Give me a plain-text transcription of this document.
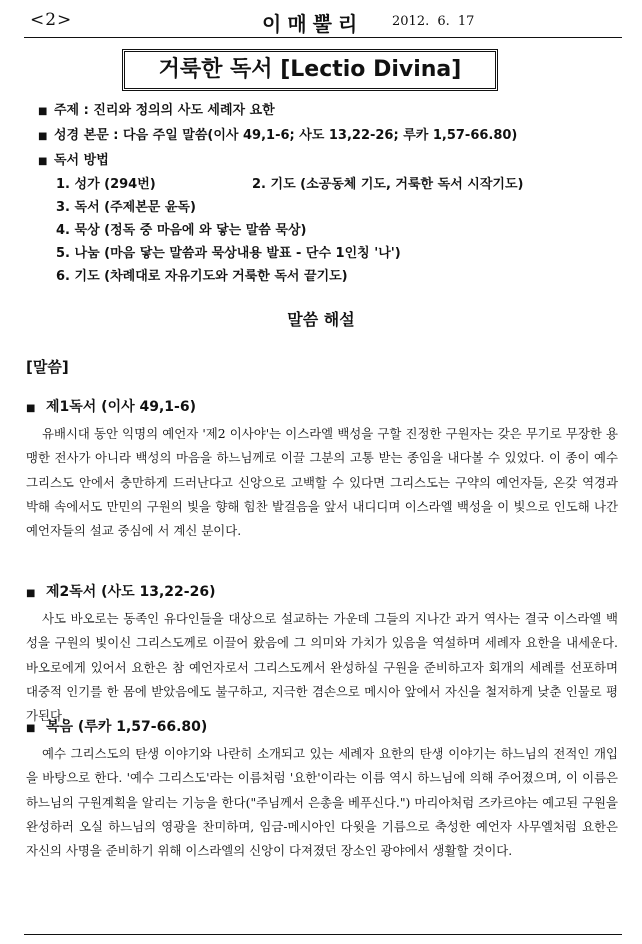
<2>	이매뿔리 2012. 6. 17
거룩한 독서 [Lectio Divina]
■ 주제 : 진리와 정의의 사도 세례자 요한
■ 성경 본문 : 다음 주일 말씀(이사 49,1-6; 사도 13,22-26; 루카 1,57-66.80)
■ 독서 방법
1. 성가 (294번)	2. 기도 (소공동체 기도, 거룩한 독서 시작기도)
3. 독서 (주제본문 윤독)
4. 묵상 (정독 중 마음에 와 닿는 말씀 묵상)
5. 나눔 (마음 닿는 말씀과 묵상내용 발표 - 단수 1인칭 '나')
6. 기도 (차례대로 자유기도와 거룩한 독서 끝기도)
말씀 해설
[말씀]
■ 제1독서 (이사 49,1-6)

유배시대 동안 익명의 예언자 '제2 이사야'는 이스라엘 백성을 구할 진정한 구원자는 갖은 무기로 무장한 용맹한 전사가 아니라 백성의 마음을 하느님께로 이끌 그분의 고통 받는 종임을 내다볼 수 있었다. 이 종이 예수 그리스도 안에서 충만하게 드러난다고 신앙으로 고백할 수 있다면 그리스도는 구약의 예언자들, 온갖 역경과 박해 속에서도 만민의 구원의 빛을 향해 힘찬 발걸음을 앞서 내디디며 이스라엘 백성을 이 빛으로 인도해 나간 예언자들의 설교 중심에 서 계신 분이다.

■ 제2독서 (사도 13,22-26)

사도 바오로는 동족인 유다인들을 대상으로 설교하는 가운데 그들의 지나간 과거 역사는 결국 이스라엘 백성을 구원의 빛이신 그리스도께로 이끌어 왔음에 그 의미와 가치가 있음을 역설하며 세례자 요한을 내세운다. 바오로에게 있어서 요한은 참 예언자로서 그리스도께서 완성하실 구원을 준비하고자 회개의 세례를 선포하며 대중적 인기를 한 몸에 받았음에도 불구하고, 지극한 겸손으로 메시아 앞에서 자신을 철저하게 낮춘 인물로 평가된다.

■ 복음 (루카 1,57-66.80)

예수 그리스도의 탄생 이야기와 나란히 소개되고 있는 세례자 요한의 탄생 이야기는 하느님의 전적인 개입을 바탕으로 한다. '예수 그리스도'라는 이름처럼 '요한'이라는 이름 역시 하느님에 의해 주어졌으며, 이 이름은 하느님의 구원계획을 알리는 기능을 한다("주님께서 은총을 베푸신다.") 마리아처럼 즈카르야는 예고된 구원을 완성하러 오실 하느님의 영광을 찬미하며, 임금-메시아인 다윗을 기름으로 축성한 예언자 사무엘처럼 요한은 자신의 사명을 준비하기 위해 이스라엘의 신앙이 다져졌던 장소인 광야에서 생활할 것이다.
